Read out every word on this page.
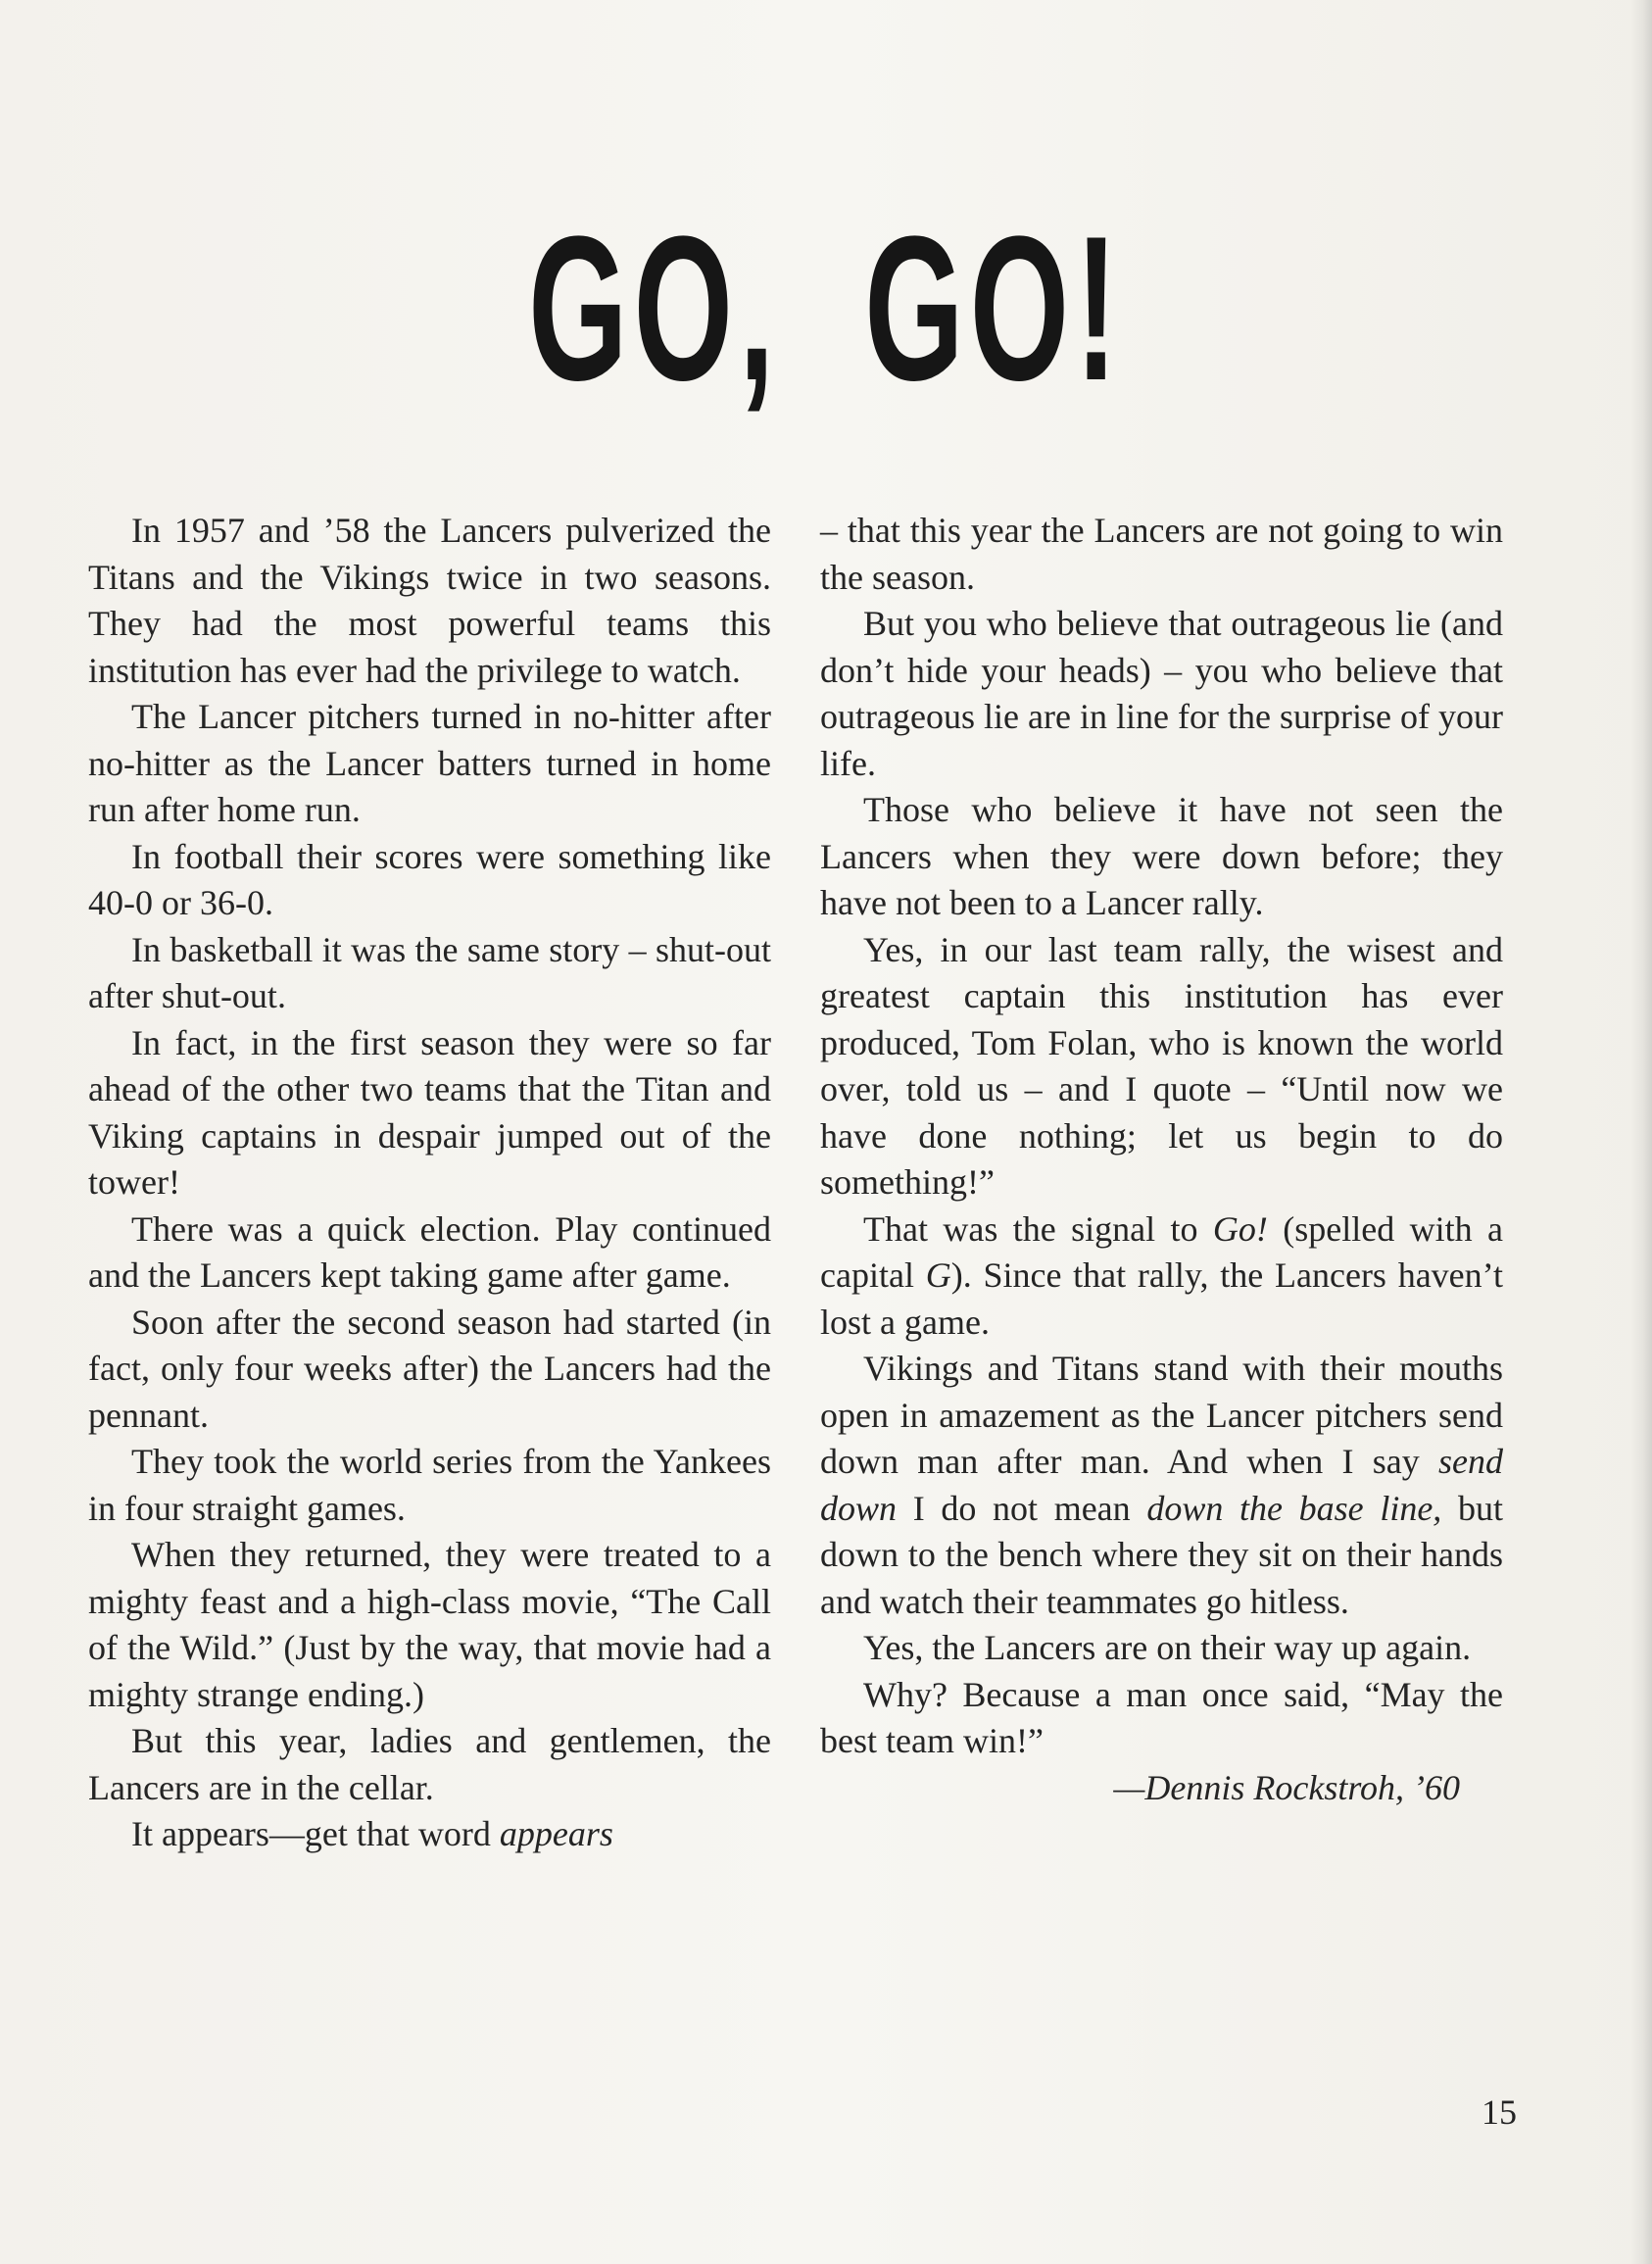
GO, GO!

In 1957 and ’58 the Lancers pulverized the Titans and the Vikings twice in two seasons. They had the most powerful teams this institution has ever had the privilege to watch.

The Lancer pitchers turned in no-hitter after no-hitter as the Lancer batters turned in home run after home run.

In football their scores were something like 40-0 or 36-0.

In basketball it was the same story – shut-out after shut-out.

In fact, in the first season they were so far ahead of the other two teams that the Titan and Viking captains in despair jumped out of the tower!

There was a quick election. Play continued and the Lancers kept taking game after game.

Soon after the second season had started (in fact, only four weeks after) the Lancers had the pennant.

They took the world series from the Yankees in four straight games.

When they returned, they were treated to a mighty feast and a high-class movie, “The Call of the Wild.” (Just by the way, that movie had a mighty strange ending.)

But this year, ladies and gentlemen, the Lancers are in the cellar.

It appears—get that word appears

– that this year the Lancers are not going to win the season.

But you who believe that outrageous lie (and don’t hide your heads) – you who believe that outrageous lie are in line for the surprise of your life.

Those who believe it have not seen the Lancers when they were down before; they have not been to a Lancer rally.

Yes, in our last team rally, the wisest and greatest captain this institution has ever produced, Tom Folan, who is known the world over, told us – and I quote – “Until now we have done nothing; let us begin to do something!”

That was the signal to Go! (spelled with a capital G). Since that rally, the Lancers haven’t lost a game.

Vikings and Titans stand with their mouths open in amazement as the Lancer pitchers send down man after man. And when I say send down I do not mean down the base line, but down to the bench where they sit on their hands and watch their teammates go hitless.

Yes, the Lancers are on their way up again.

Why? Because a man once said, “May the best team win!”

—Dennis Rockstroh, ’60
15
